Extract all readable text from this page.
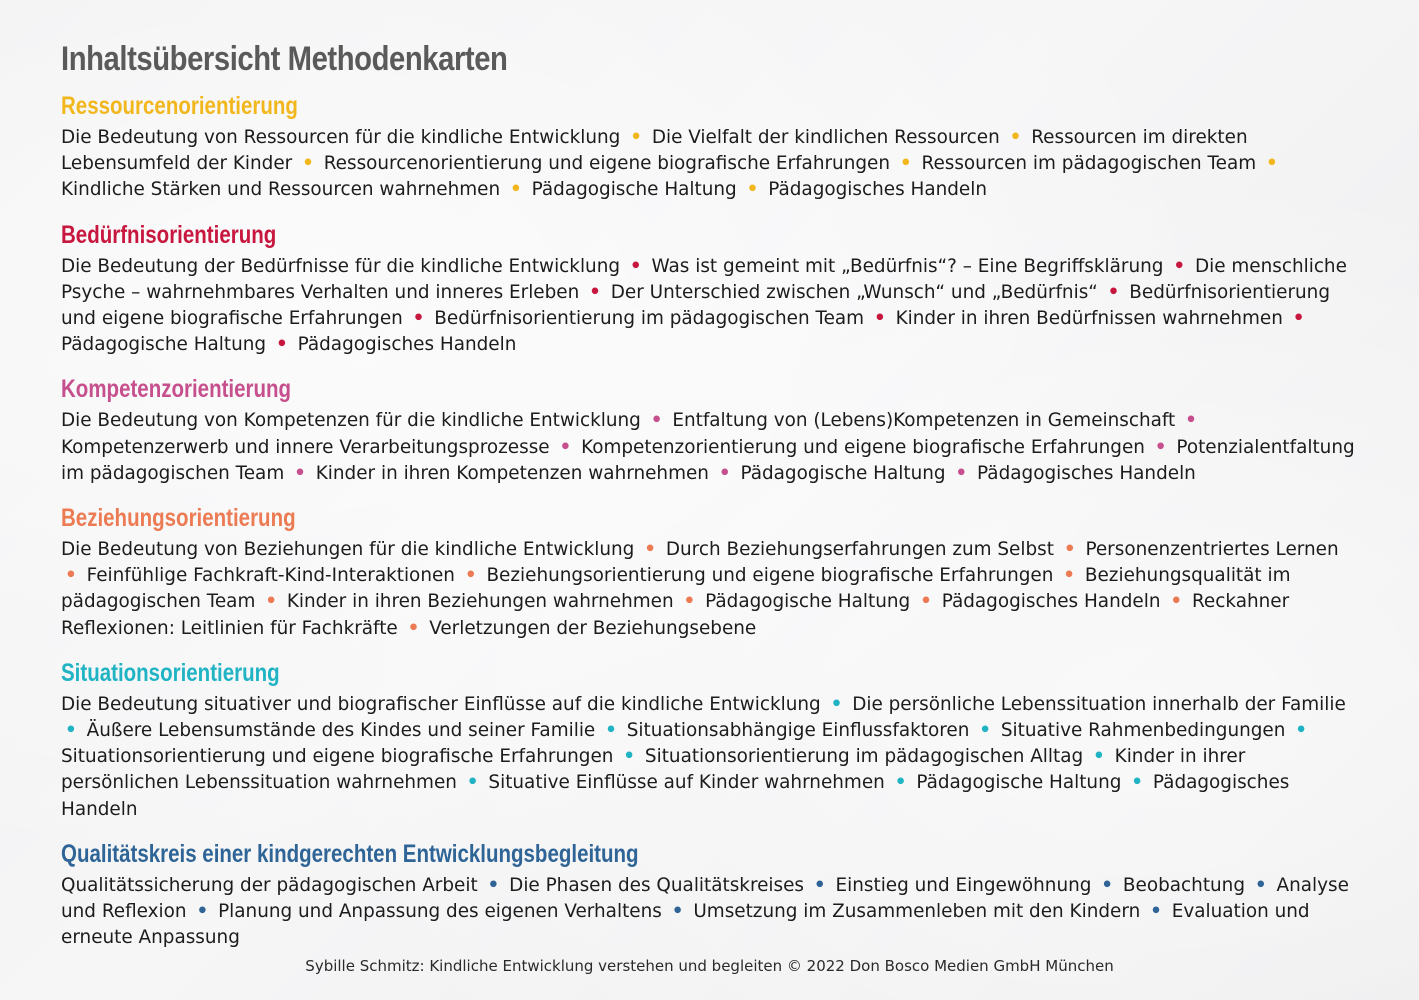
Inhaltsübersicht Methodenkarten
Ressourcenorientierung

Die Bedeutung von Ressourcen für die kindliche Entwicklung • Die Vielfalt der kindlichen Ressourcen • Ressourcen im direkten Lebensumfeld der Kinder • Ressourcenorientierung und eigene biografische Erfahrungen • Ressourcen im pädagogischen Team • Kindliche Stärken und Ressourcen wahrnehmen • Pädagogische Haltung • Pädagogisches Handeln

Bedürfnisorientierung

Die Bedeutung der Bedürfnisse für die kindliche Entwicklung • Was ist gemeint mit „Bedürfnis“? – Eine Begriffsklärung • Die menschliche Psyche – wahrnehmbares Verhalten und inneres Erleben • Der Unterschied zwischen „Wunsch“ und „Bedürfnis“ • Bedürfnisorientierung und eigene biografische Erfahrungen • Bedürfnisorientierung im pädagogischen Team • Kinder in ihren Bedürfnissen wahrnehmen • Pädagogische Haltung • Pädagogisches Handeln

Kompetenzorientierung

Die Bedeutung von Kompetenzen für die kindliche Entwicklung • Entfaltung von (Lebens)Kompetenzen in Gemeinschaft • Kompetenzerwerb und innere Verarbeitungsprozesse • Kompetenzorientierung und eigene biografische Erfahrungen • Potenzialentfaltung im pädagogischen Team • Kinder in ihren Kompetenzen wahrnehmen • Pädagogische Haltung • Pädagogisches Handeln

Beziehungsorientierung

Die Bedeutung von Beziehungen für die kindliche Entwicklung • Durch Beziehungserfahrungen zum Selbst • Personenzentriertes Lernen • Feinfühlige Fachkraft-Kind-Interaktionen • Beziehungsorientierung und eigene biografische Erfahrungen • Beziehungsqualität im pädagogischen Team • Kinder in ihren Beziehungen wahrnehmen • Pädagogische Haltung • Pädagogisches Handeln • Reckahner Reflexionen: Leitlinien für Fachkräfte • Verletzungen der Beziehungsebene

Situationsorientierung

Die Bedeutung situativer und biografischer Einflüsse auf die kindliche Entwicklung • Die persönliche Lebenssituation innerhalb der Familie • Äußere Lebensumstände des Kindes und seiner Familie • Situationsabhängige Einflussfaktoren • Situative Rahmenbedingungen • Situationsorientierung und eigene biografische Erfahrungen • Situationsorientierung im pädagogischen Alltag • Kinder in ihrer persönlichen Lebenssituation wahrnehmen • Situative Einflüsse auf Kinder wahrnehmen • Pädagogische Haltung • Pädagogisches Handeln

Qualitätskreis einer kindgerechten Entwicklungsbegleitung

Qualitätssicherung der pädagogischen Arbeit • Die Phasen des Qualitätskreises • Einstieg und Eingewöhnung • Beobachtung • Analyse und Reflexion • Planung und Anpassung des eigenen Verhaltens • Umsetzung im Zusammenleben mit den Kindern • Evaluation und erneute Anpassung

Sybille Schmitz: Kindliche Entwicklung verstehen und begleiten © 2022 Don Bosco Medien GmbH München
